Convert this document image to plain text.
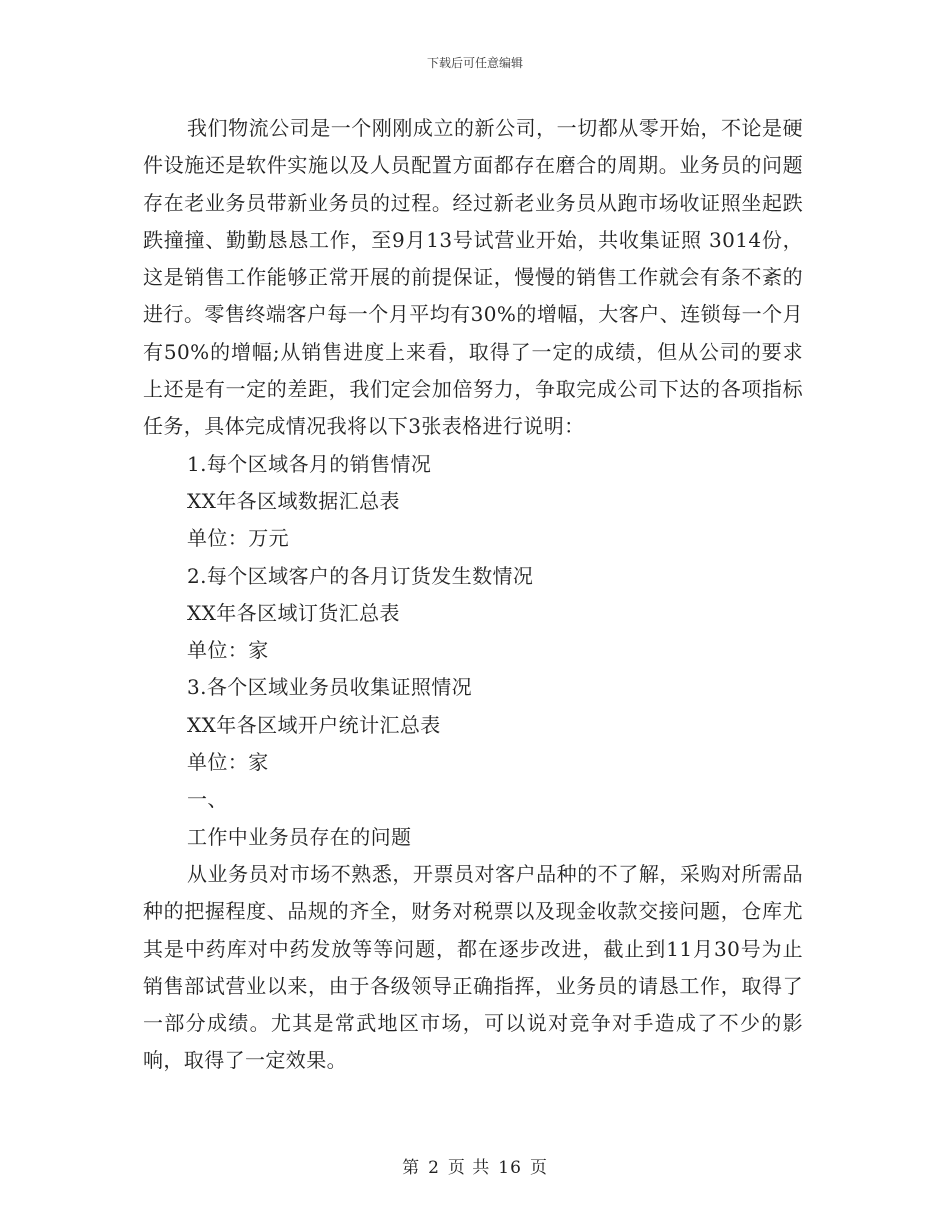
下载后可任意编辑

我们物流公司是一个刚刚成立的新公司，一切都从零开始，不论是硬件设施还是软件实施以及人员配置方面都存在磨合的周期。业务员的问题存在老业务员带新业务员的过程。经过新老业务员从跑市场收证照坐起跌跌撞撞、勤勤恳恳工作，至9月13号试营业开始，共收集证照 3014份，这是销售工作能够正常开展的前提保证，慢慢的销售工作就会有条不紊的进行。零售终端客户每一个月平均有30%的增幅，大客户、连锁每一个月有50%的增幅;从销售进度上来看，取得了一定的成绩，但从公司的要求上还是有一定的差距，我们定会加倍努力，争取完成公司下达的各项指标任务，具体完成情况我将以下3张表格进行说明：

1.每个区域各月的销售情况

XX年各区域数据汇总表

单位：万元

2.每个区域客户的各月订货发生数情况

XX年各区域订货汇总表

单位：家

3.各个区域业务员收集证照情况

XX年各区域开户统计汇总表

单位：家

一、

工作中业务员存在的问题

从业务员对市场不熟悉，开票员对客户品种的不了解，采购对所需品种的把握程度、品规的齐全，财务对税票以及现金收款交接问题，仓库尤其是中药库对中药发放等等问题，都在逐步改进，截止到11月30号为止销售部试营业以来，由于各级领导正确指挥，业务员的请恳工作，取得了一部分成绩。尤其是常武地区市场，可以说对竞争对手造成了不少的影响，取得了一定效果。

第 2 页 共 16 页
